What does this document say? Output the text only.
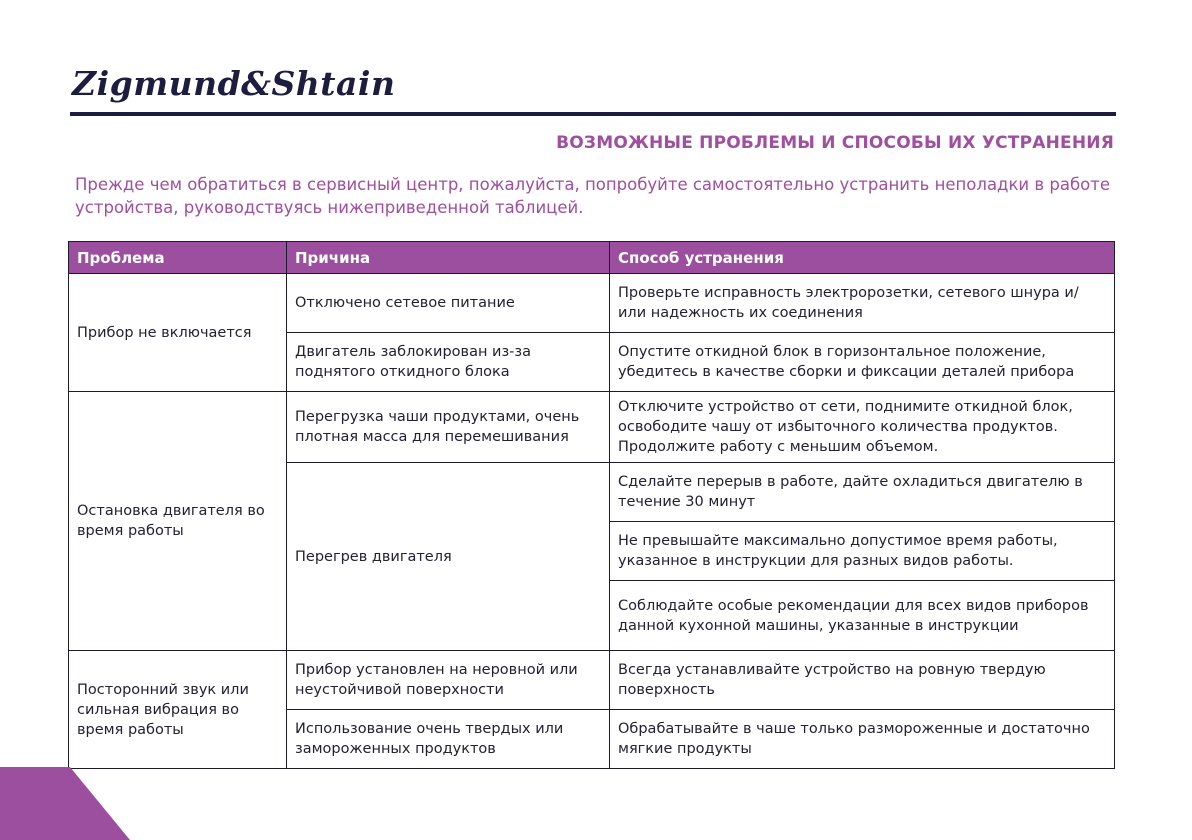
Zigmund&Shtain
ВОЗМОЖНЫЕ ПРОБЛЕМЫ И СПОСОБЫ ИХ УСТРАНЕНИЯ
Прежде чем обратиться в сервисный центр, пожалуйста, попробуйте самостоятельно устранить неполадки в работе устройства, руководствуясь нижеприведенной таблицей.
Проблема	Причина	Способ устранения
Прибор не включается	Отключено сетевое питание	Проверьте исправность электророзетки, сетевого шнура и/или надежность их соединения
	Двигатель заблокирован из-за поднятого откидного блока	Опустите откидной блок в горизонтальное положение, убедитесь в качестве сборки и фиксации деталей прибора
Остановка двигателя во время работы	Перегрузка чаши продуктами, очень плотная масса для перемешивания	Отключите устройство от сети, поднимите откидной блок, освободите чашу от избыточного количества продуктов. Продолжите работу с меньшим объемом.
	Перегрев двигателя	Сделайте перерыв в работе, дайте охладиться двигателю в течение 30 минут
		Не превышайте максимально допустимое время работы, указанное в инструкции для разных видов работы.
		Соблюдайте особые рекомендации для всех видов приборов данной кухонной машины, указанные в инструкции
Посторонний звук или сильная вибрация во время работы	Прибор установлен на неровной или неустойчивой поверхности	Всегда устанавливайте устройство на ровную твердую поверхность
	Использование очень твердых или замороженных продуктов	Обрабатывайте в чаше только размороженные и достаточно мягкие продукты
